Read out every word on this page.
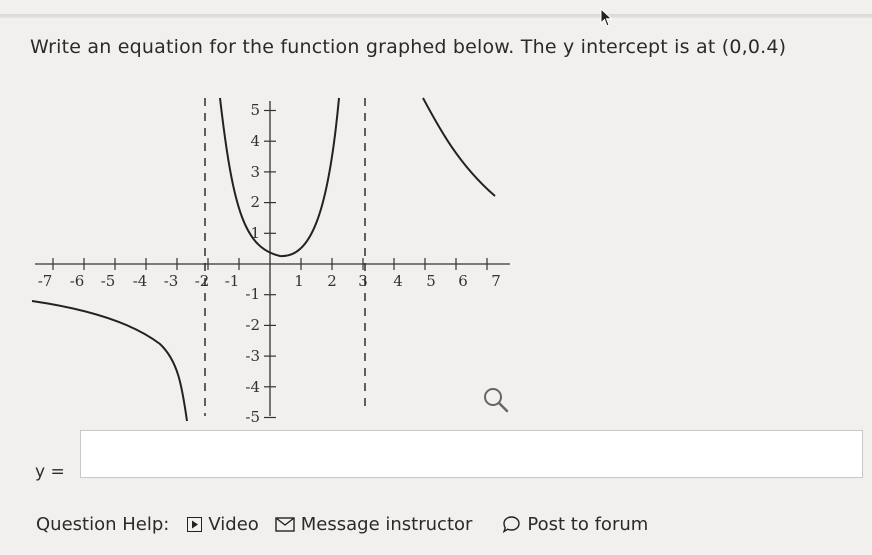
Write an equation for the function graphed below. The y intercept is at (0,0.4)
-7 -6 -5 -4 -3 -2 -1	1 2 3 4 5 6 7
5
4
3
2
1
-1
-2
-3
-4
-5
y =
Question Help: Video Message instructor	Post to forum
